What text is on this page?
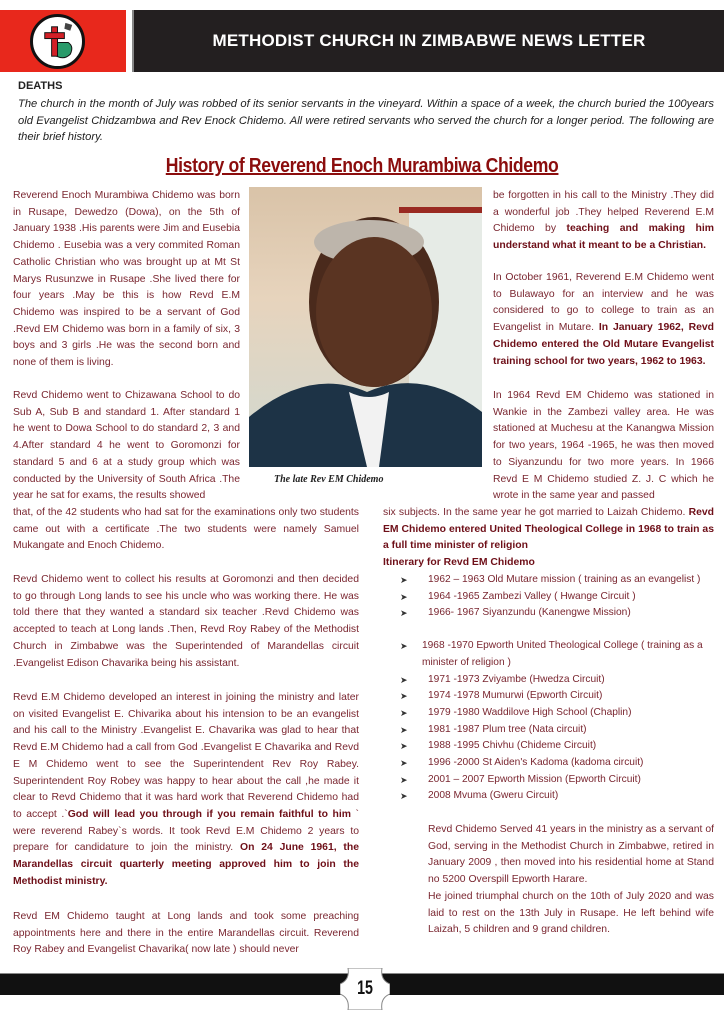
METHODIST CHURCH IN ZIMBABWE NEWS LETTER
DEATHS
The church in the month of July was robbed of its senior servants in the vineyard. Within a space of a week, the church buried the 100years old Evangelist Chidzambwa and Rev Enock Chidemo. All were retired servants who served the church for a longer period. The following are their brief history.
History of Reverend Enoch Murambiwa Chidemo
Reverend Enoch Murambiwa Chidemo was born in Rusape, Dewedzo (Dowa), on the 5th of January 1938 .His parents were Jim and Eusebia Chidemo . Eusebia was a very commited Roman Catholic Christian who was brought up at Mt St Marys Rusunzwe in Rusape .She lived there for four years .May be this is how Revd E.M Chidemo was inspired to be a servant of God .Revd EM Chidemo was born in a family of six, 3 boys and 3 girls .He was the second born and none of them is living.
Revd Chidemo went to Chizawana School to do Sub A, Sub B and standard 1. After standard 1 he went to Dowa School to do standard 2, 3 and 4.After standard 4 he went to Goromonzi for standard 5 and 6 at a study group which was conducted by the University of South Africa .The year he sat for exams, the results showed
that, of the 42 students who had sat for the examinations only two students came out with a certificate .The two students were namely Samuel Mukangate and Enoch Chidemo.
Revd Chidemo went to collect his results at Goromonzi and then decided to go through Long lands to see his uncle who was working there. He was told there that they wanted a standard six teacher .Revd Chidemo was accepted to teach at Long lands .Then, Revd Roy Rabey of the Methodist Church in Zimbabwe was the Superintended of Marandellas circuit .Evangelist Edison Chavarika being his assistant.
Revd E.M Chidemo developed an interest in joining the ministry and later on visited Evangelist E. Chivarika about his intension to be an evangelist and his call to the Ministry .Evangelist E. Chavarika was glad to hear that Revd E.M Chidemo had a call from God .Evangelist E Chavarika and Revd E M Chidemo went to see the Superintendent Rev Roy Rabey. Superintendent Roy Robey was happy to hear about the call ,he made it clear to Revd Chidemo that it was hard work that Reverend Chidemo had to accept .`God will lead you through if you remain faithful to him ` were reverend Rabey`s words. It took Revd E.M Chidemo 2 years to prepare for candidature to join the ministry. On 24 June 1961, the Marandellas circuit quarterly meeting approved him to join the Methodist ministry.
Revd EM Chidemo taught at Long lands and took some preaching appointments here and there in the entire Marandellas circuit. Reverend Roy Rabey and Evangelist Chavarika( now late ) should never
The late Rev EM Chidemo
be forgotten in his call to the Ministry .They did a wonderful job .They helped Reverend E.M Chidemo by teaching and making him understand what it meant to be a Christian.
In October 1961, Reverend E.M Chidemo went to Bulawayo for an interview and he was considered to go to college to train as an Evangelist in Mutare. In January 1962, Revd Chidemo entered the Old Mutare Evangelist training school for two years, 1962 to 1963.
In 1964 Revd EM Chidemo was stationed in Wankie in the Zambezi valley area. He was stationed at Muchesu at the Kanangwa Mission for two years, 1964 -1965, he was then moved to Siyanzundu for two more years. In 1966 Revd E M Chidemo studied Z. J. C which he wrote in the same year and passed
six subjects. In the same year he got married to Laizah Chidemo. Revd EM Chidemo entered United Theological College in 1968 to train as a full time minister of religion
Itinerary for Revd EM Chidemo
➤	1962 – 1963 Old Mutare mission ( training as an evangelist )
➤	1964 -1965 Zambezi Valley ( Hwange Circuit )
➤	1966- 1967 Siyanzundu (Kanengwe Mission)
➤	1968 -1970 Epworth United Theological College ( training as a minister of religion )
➤	1971 -1973 Zviyambe (Hwedza Circuit)
➤	1974 -1978 Mumurwi (Epworth Circuit)
➤	1979 -1980 Waddilove High School (Chaplin)
➤	1981 -1987 Plum tree (Nata circuit)
➤	1988 -1995 Chivhu (Chideme Circuit)
➤	1996 -2000 St Aiden's Kadoma (kadoma circuit)
➤	2001 – 2007 Epworth Mission (Epworth Circuit)
➤	2008 Mvuma (Gweru Circuit)
Revd Chidemo Served 41 years in the ministry as a servant of God, serving in the Methodist Church in Zimbabwe, retired in January 2009 , then moved into his residential home at Stand no 5200 Overspill Epworth Harare.
He joined triumphal church on the 10th of July 2020 and was laid to rest on the 13th July in Rusape. He left behind wife Laizah, 5 children and 9 grand children.
15
